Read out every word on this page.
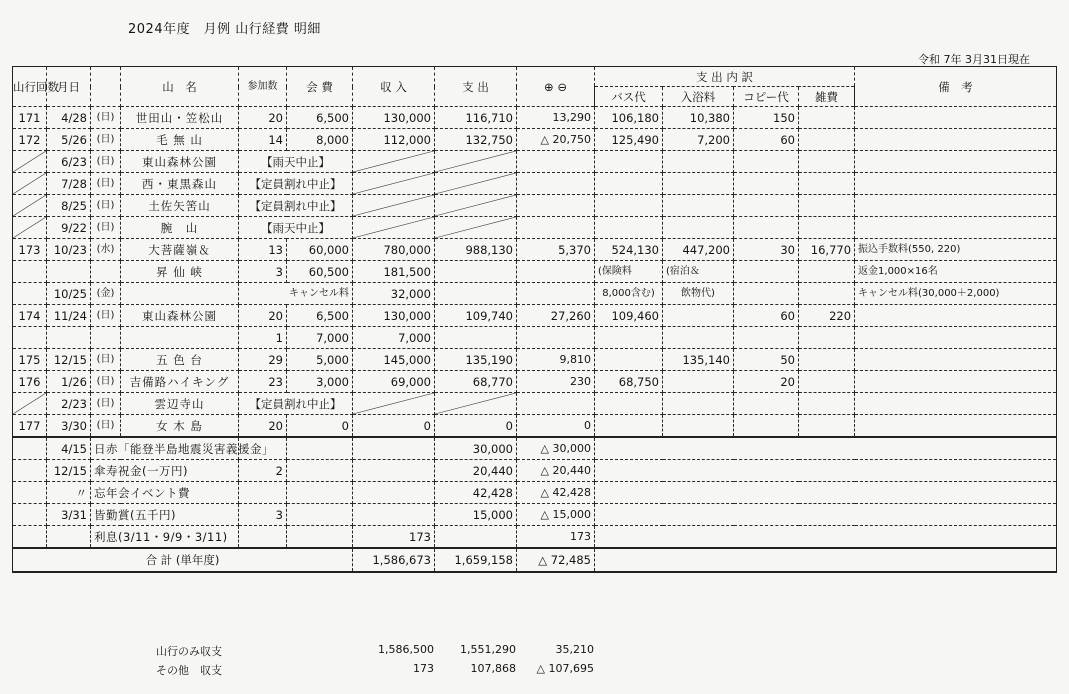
2024年度　月例 山行経費 明細
令和 7年 3月31日現在
山行回数	月日		山　名	参加数	会 費	収 入	支 出	⊕ ⊖	支 出 内 訳				備　考
									バス代	入浴料	コピー代	雑費	
171	4/28	(日)	世田山・笠松山	20	6,500	130,000	116,710	13,290	106,180	10,380	150		
172	5/26	(日)	毛 無 山	14	8,000	112,000	132,750	△ 20,750	125,490	7,200	60		

	6/23	(日)	東山森林公園	【雨天中止】	

	7/28	(日)	西・東黒森山	【定員割れ中止】	

	8/25	(日)	土佐矢筈山	【定員割れ中止】	

	9/22	(日)	腕　山	【雨天中止】	

173	10/23	(水)	大菩薩嶺＆	13	60,000	780,000	988,130	5,370	524,130	447,200	30	16,770	振込手数料(550, 220)
			昇 仙 峡	3	60,500	181,500			(保険料	(宿泊＆			返金1,000×16名
	10/25	(金)		キャンセル料		32,000			8,000含む)	飲物代)			キャンセル料(30,000＋2,000)
174	11/24	(日)	東山森林公園	20	6,500	130,000	109,740	27,260	109,460		60	220	
				1	7,000	7,000							
175	12/15	(日)	五 色 台	29	5,000	145,000	135,190	9,810		135,140	50		
176	1/26	(日)	吉備路ハイキング	23	3,000	69,000	68,770	230	68,750		20		

	2/23	(日)	雲辺寺山	【定員割れ中止】	

177	3/30	(日)	女 木 島	20	0	0	0	0					
	4/15	日赤「能登半島地震災害義援金」					30,000	△ 30,000					
	12/15	傘寿祝金(一万円)		2			20,440	△ 20,440					
	〃	忘年会イベント費					42,428	△ 42,428					
	3/31	皆勤賞(五千円)		3			15,000	△ 15,000					
		利息(3/11・9/9・3/11)				173		173					
合 計 (単年度)						1,586,673	1,659,158	△ 72,485					
山行のみ収支	1,586,500	1,551,290	35,210
その他　収支	173	107,868	△ 107,695
